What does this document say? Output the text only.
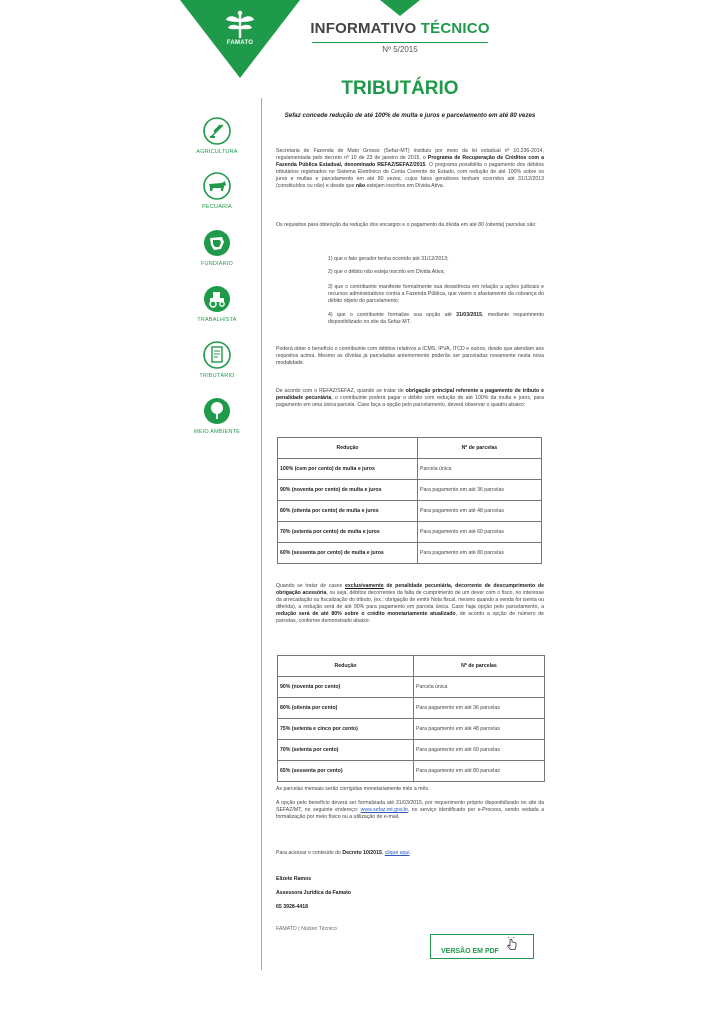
FAMATO
INFORMATIVO TÉCNICO
Nº 5/2015
TRIBUTÁRIO
AGRICULTURA
PECUÁRIA
FUNDIÁRIO
TRABALHISTA
TRIBUTÁRIO
MEIO AMBIENTE
Sefaz concede redução de até 100% de multa e juros e parcelamento em até 80 vezes
Secretaria de Fazenda de Mato Grosso (Sefaz-MT) instituiu por meio da lei estadual nº 10.236-2014, regulamentada pelo decreto nº 10 de 23 de janeiro de 2015, o Programa de Recuperação de Créditos com a Fazenda Pública Estadual, denominado REFAZ/SEFAZ/2015. O programa possibilita o pagamento dos débitos tributários registrados no Sistema Eletrônico de Conta Corrente do Estado, com redução de até 100% sobre os juros e multas e parcelamento em até 80 vezes, cujos fatos geradores tenham ocorridos até 31/12/2013 (constituídos ou não) e desde que não estejam inscritos em Dívida Ativa.
Os requisitos para obtenção da redução dos encargos e o pagamento da dívida em até 80 (oitenta) parcelas são:
1) que o fato gerador tenha ocorrido até 31/12/2013;
2) que o débito não esteja inscrito em Dívida Ativa;
3) que o contribuinte manifeste formalmente sua desistência em relação a ações judiciais e recursos administrativos contra a Fazenda Pública, que visem o afastamento da cobrança do débito objeto do parcelamento;
4) que o contribuinte formalize sua opção até 31/03/2015, mediante requerimento disponibilizado no site da Sefaz-MT.
Poderá obter o benefício o contribuinte com débitos relativos a ICMS, IPVA, ITCD e outros, desde que atendam aos requisitos acima. Mesmo as dívidas já parceladas anteriormente poderão ser parceladas novamente nesta nova modalidade.
De acordo com o REFAZ/SEFAZ, quando se tratar de obrigação principal referente a pagamento de tributo e penalidade pecuniária, o contribuinte poderá pagar o débito com redução de até 100% da multa e juros, para pagamento em uma única parcela. Caso faça a opção pelo parcelamento, deverá observar o quadro abaixo:
Redução	Nº de parcelas
100% (cem por cento) de multa e juros	Parcela única
90% (noventa por cento) de multa e juros	Para pagamento em até 36 parcelas
80% (oitenta por cento) de multa e juros	Para pagamento em até 48 parcelas
70% (setenta por cento) de multa e juros	Para pagamento em até 60 parcelas
60% (sessenta por cento) de multa e juros	Para pagamento em até 80 parcelas
Quando se tratar de casos exclusivamente de penalidade pecuniária, decorrente de descumprimento de obrigação acessória, ou seja, débitos decorrentes da falta de cumprimento de um dever com o fisco, no interesse da arrecadação ou fiscalização do tributo, (ex.: obrigação de emitir Nota fiscal, mesmo quando a venda for isenta ou diferida), a redução será de até 90% para pagamento em parcela única. Caso haja opção pelo parcelamento, a redução será de até 80% sobre o crédito monetariamente atualizado, de acordo a opção de número de parcelas, conforme demonstrado abaixo:
Redução	Nº de parcelas
90% (noventa por cento)	Parcela única
80% (oitenta por cento)	Para pagamento em até 36 parcelas
75% (setenta e cinco por cento)	Para pagamento em até 48 parcelas
70% (setenta por cento)	Para pagamento em até 60 parcelas
65% (sessenta por cento)	Para pagamento em até 80 parcelas
As parcelas mensais serão corrigidas monetariamente mês a mês.
A opção pelo benefício deverá ser formalizada até 31/03/2015, por requerimento próprio disponibilizado no site da SEFAZ/MT, no seguinte endereço: www.sefaz.mt.gov.br, no serviço identificado por e-Process, sendo vedada a formalização por meio físico ou a utilização de e-mail.
Para acessar o conteúdo do Decreto 10/2015, clique aqui.
Elizete Ramos
Assessora Jurídica da Famato
65 3928-4418
FAMATO | Núcleo Técnico
VERSÃO EM PDF
